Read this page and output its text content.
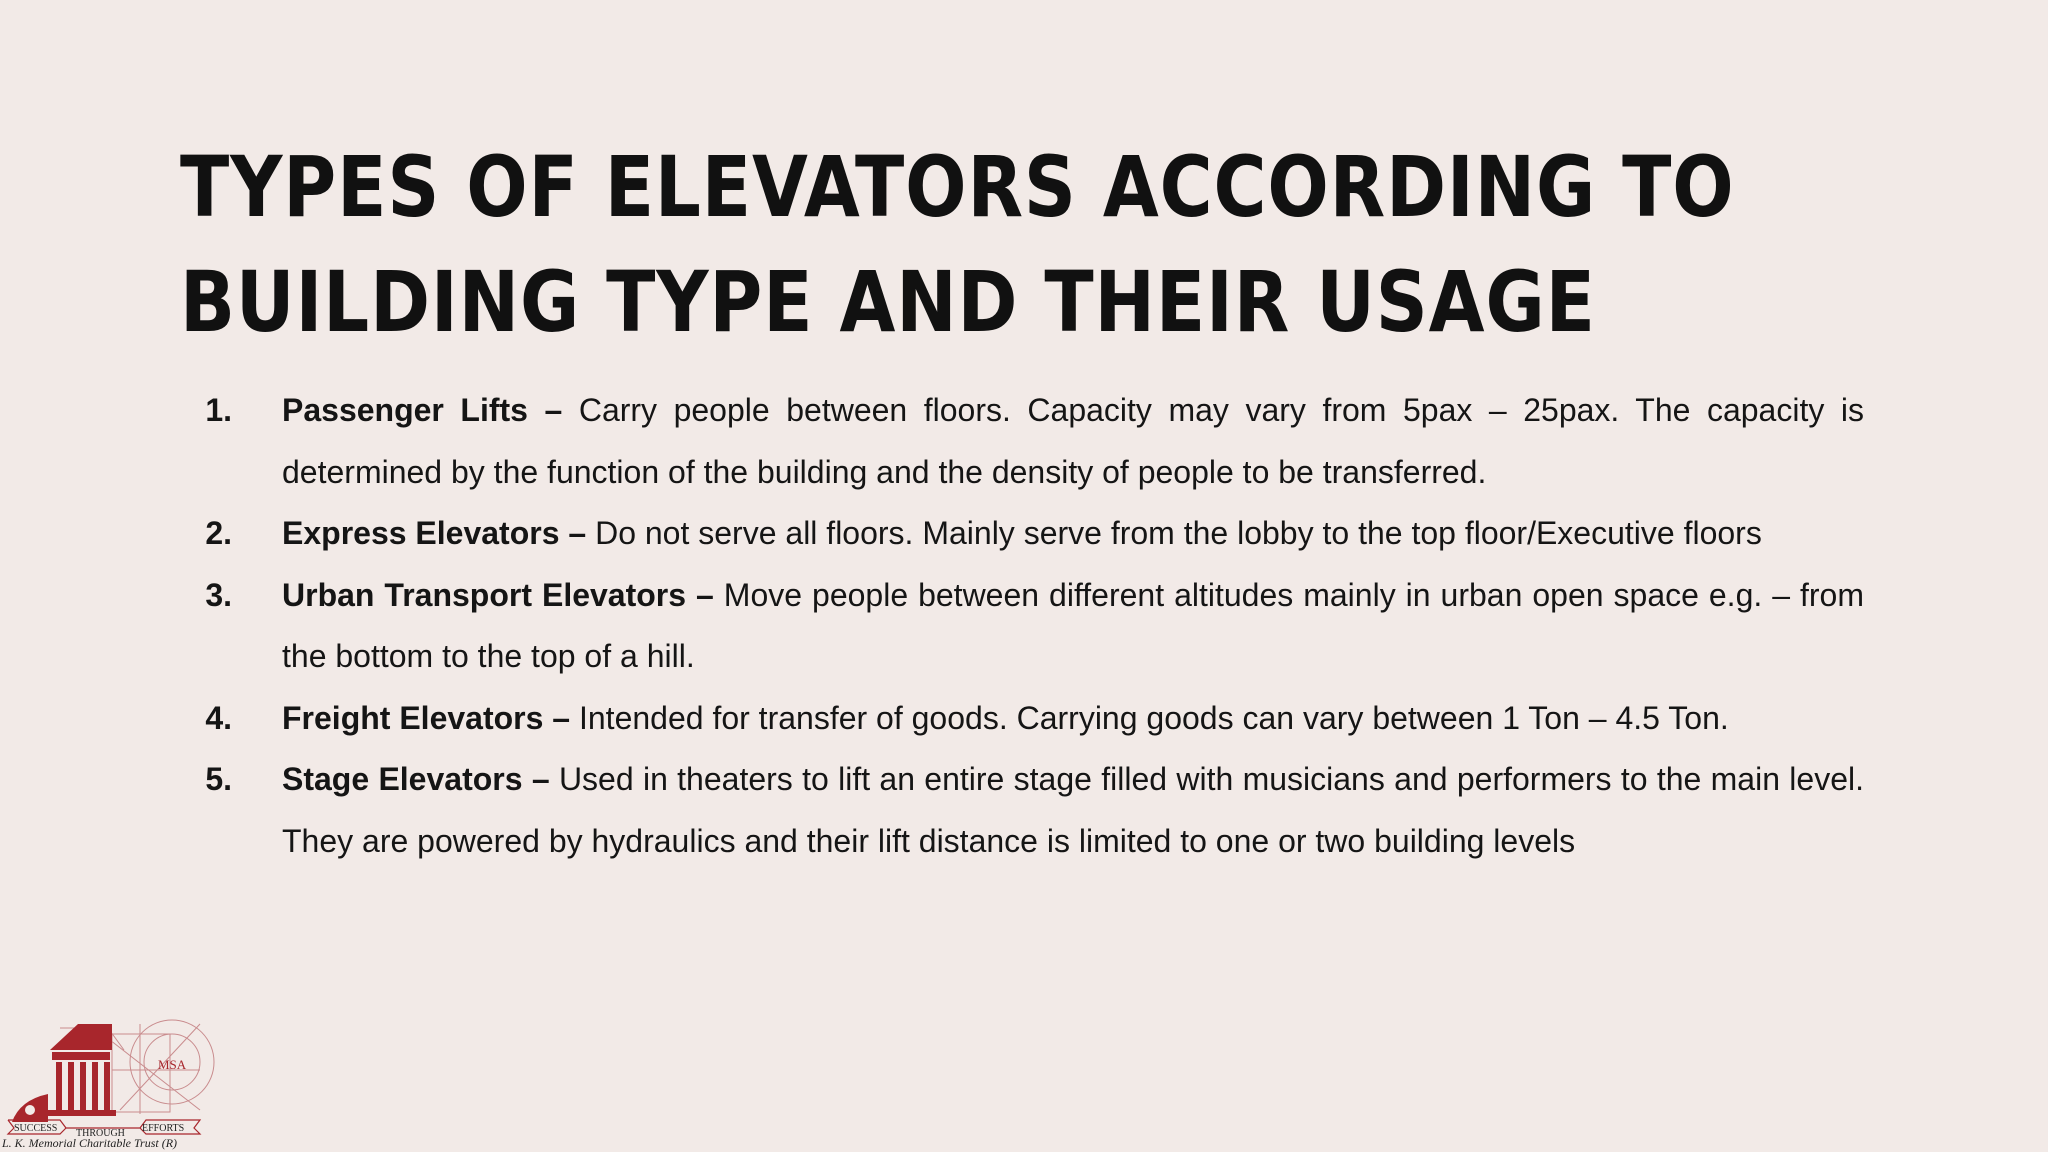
TYPES OF ELEVATORS ACCORDING TO
BUILDING TYPE AND THEIR USAGE
1. Passenger Lifts – Carry people between floors. Capacity may vary from 5pax – 25pax. The capacity is determined by the function of the building and the density of people to be transferred.
2. Express Elevators – Do not serve all floors. Mainly serve from the lobby to the top floor/Executive floors
3. Urban Transport Elevators – Move people between different altitudes mainly in urban open space e.g. – from the bottom to the top of a hill.
4. Freight Elevators – Intended for transfer of goods. Carrying goods can vary between 1 Ton – 4.5 Ton.
5. Stage Elevators – Used in theaters to lift an entire stage filled with musicians and performers to the main level. They are powered by hydraulics and their lift distance is limited to one or two building levels
MSA
SUCCESS THROUGH EFFORTS
L. K. Memorial Charitable Trust (R)
